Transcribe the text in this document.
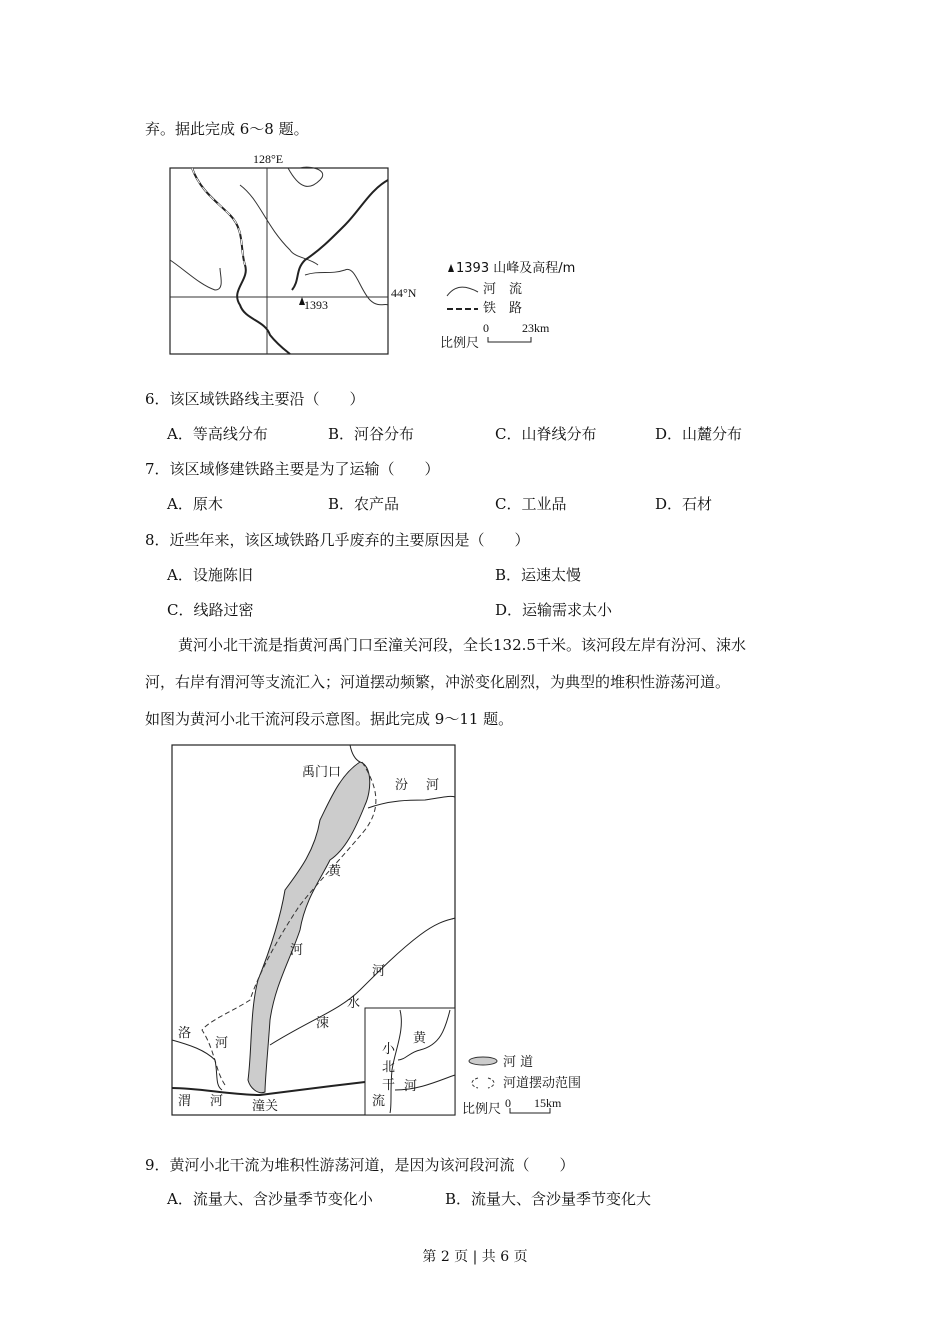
弃。据此完成 6～8 题。
128°E
44°N
1393
1393 山峰及高程/m
河　流
铁　路
比例尺
0	23km
禹门口
汾 河
黄
河
河
水
涑
洛
河
渭 河 潼关
小
北
干
流
黄
河
河 道
河道摆动范围
比例尺 0 15km
6．该区域铁路线主要沿（　　）
A．等高线分布	B．河谷分布	C．山脊线分布	D．山麓分布
7．该区域修建铁路主要是为了运输（　　）
A．原木	B．农产品	C．工业品	D．石材
8．近些年来，该区域铁路几乎废弃的主要原因是（　　）
A．设施陈旧	B．运速太慢
C．线路过密	D．运输需求太小
黄河小北干流是指黄河禹门口至潼关河段，全长132.5千米。该河段左岸有汾河、涑水
河，右岸有渭河等支流汇入；河道摆动频繁，冲淤变化剧烈，为典型的堆积性游荡河道。
如图为黄河小北干流河段示意图。据此完成 9～11 题。
9．黄河小北干流为堆积性游荡河道，是因为该河段河流（　　）
A．流量大、含沙量季节变化小	B．流量大、含沙量季节变化大
第 2 页 | 共 6 页
